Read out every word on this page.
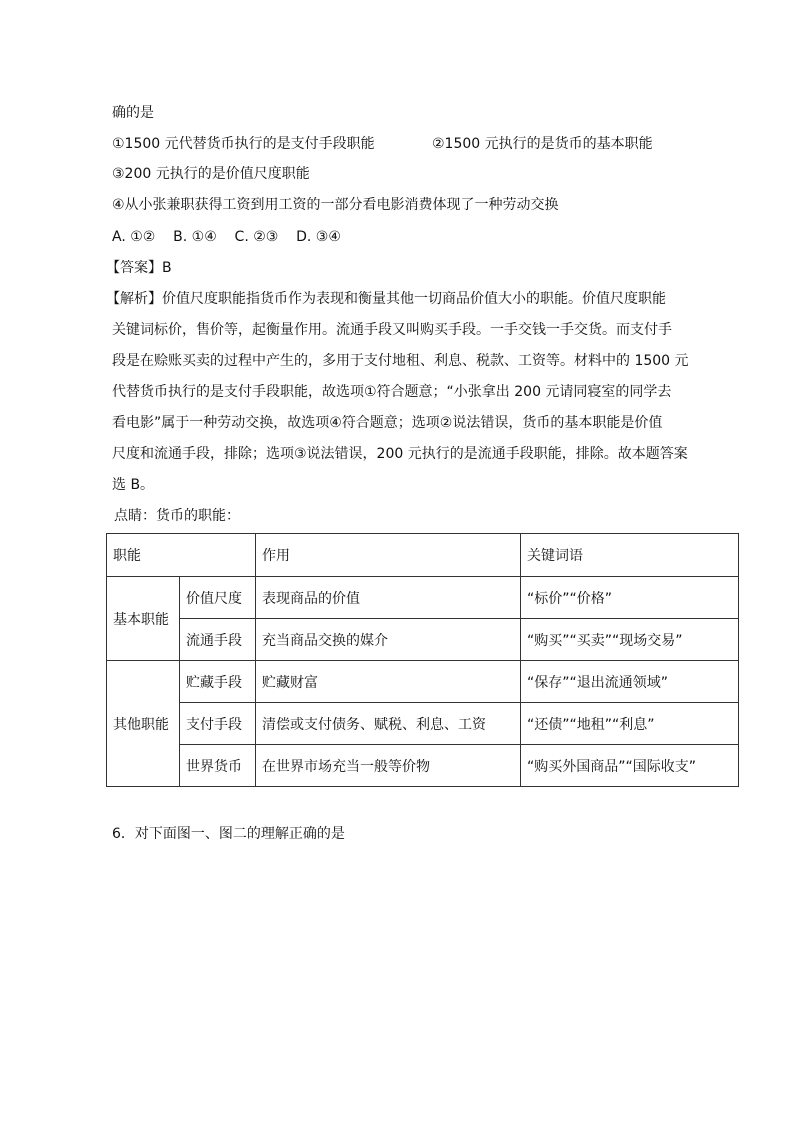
确的是
①1500 元代替货币执行的是支付手段职能	②1500 元执行的是货币的基本职能
③200 元执行的是价值尺度职能
④从小张兼职获得工资到用工资的一部分看电影消费体现了一种劳动交换
A. ①②    B. ①④    C. ②③    D. ③④
【答案】B
【解析】价值尺度职能指货币作为表现和衡量其他一切商品价值大小的职能。价值尺度职能
关键词标价，售价等，起衡量作用。流通手段又叫购买手段。一手交钱一手交货。而支付手
段是在赊账买卖的过程中产生的，多用于支付地租、利息、税款、工资等。材料中的 1500 元
代替货币执行的是支付手段职能，故选项①符合题意；“小张拿出 200 元请同寝室的同学去
看电影”属于一种劳动交换，故选项④符合题意；选项②说法错误，货币的基本职能是价值
尺度和流通手段，排除；选项③说法错误，200 元执行的是流通手段职能，排除。故本题答案
选 B。
点睛：货币的职能：
职能		作用	关键词语
基本职能	价值尺度	表现商品的价值	“标价”“价格”
	流通手段	充当商品交换的媒介	“购买”“买卖”“现场交易”
其他职能	贮藏手段	贮藏财富	“保存”“退出流通领域”
	支付手段	清偿或支付债务、赋税、利息、工资	“还债”“地租”“利息”
	世界货币	在世界市场充当一般等价物	“购买外国商品”“国际收支”
6．对下面图一、图二的理解正确的是
